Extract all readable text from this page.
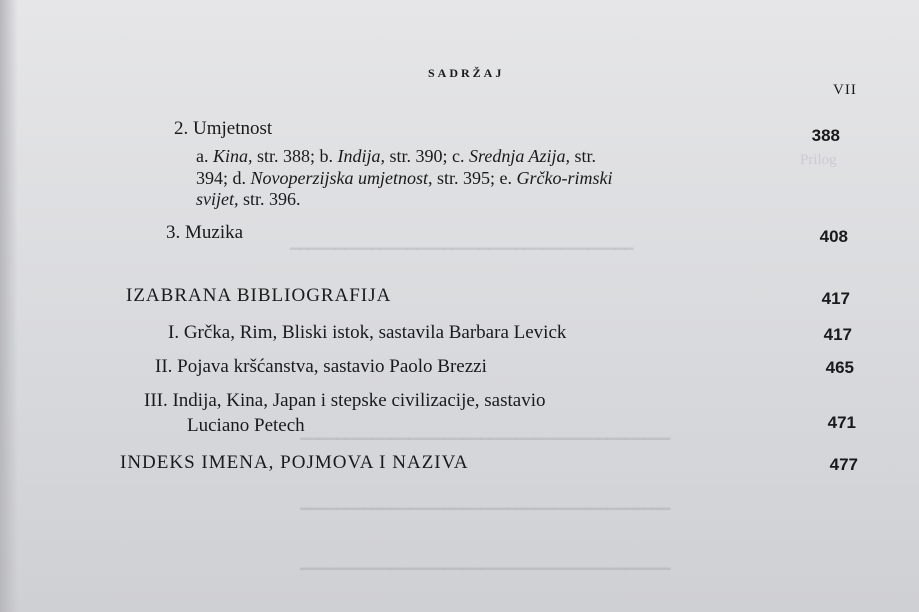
Prilog
━━━━━━━━━━━━━━━━━━━━━━━━━━━━━━━━━━━━━━
━━━━━━━━━━━━━━━━━━━━━━━━━━━━━━━━━━━━━━━━━
━━━━━━━━━━━━━━━━━━━━━━━━━━━━━━━━━━━━━━━━━
━━━━━━━━━━━━━━━━━━━━━━━━━━━━━━━━━━━━━━━━━
SADRŽAJ
VII
2. Umjetnost	388
a. Kina, str. 388; b. Indija, str. 390; c. Srednja Azija, str.
394; d. Novoperzijska umjetnost, str. 395; e. Grčko-rimski
svijet, str. 396.
3. Muzika	408
IZABRANA BIBLIOGRAFIJA	417
I. Grčka, Rim, Bliski istok, sastavila Barbara Levick	417
II. Pojava kršćanstva, sastavio Paolo Brezzi	465
III. Indija, Kina, Japan i stepske civilizacije, sastavio
Luciano Petech	471
INDEKS IMENA, POJMOVA I NAZIVA	477
